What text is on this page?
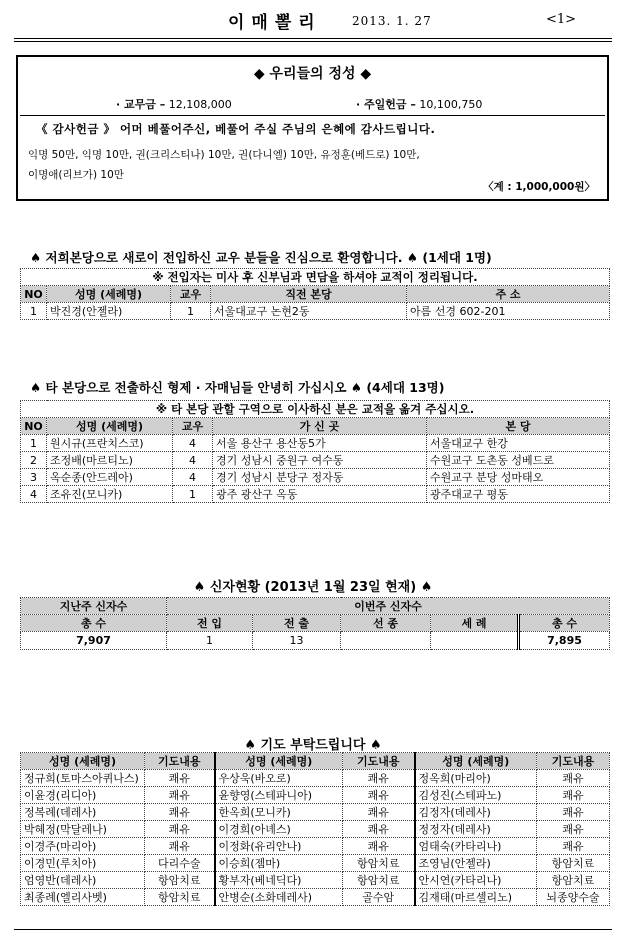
이매뽈리	2013. 1. 27	<1>
◆ 우리들의 정성 ◆
· 교무금 – 12,108,000	· 주일헌금 – 10,100,750
《 감사헌금 》 어머 베풀어주신, 베풀어 주실 주님의 은혜에 감사드립니다.
익명 50만, 익명 10만, 권(크리스티나) 10만, 권(다니엘) 10만, 유정훈(베드로) 10만,
이명애(리브가) 10만
〈계 : 1,000,000원〉
♠ 저희본당으로 새로이 전입하신 교우 분들을 진심으로 환영합니다. ♠ (1세대 1명)
※ 전입자는 미사 후 신부님과 면담을 하셔야 교적이 정리됩니다.				
NO	성명 (세례명)	교우	직전 본당	주 소
1	박진경(안젤라)	1	서울대교구 논현2동	아름 선경 602-201
♠ 타 본당으로 전출하신 형제 · 자매님들 안녕히 가십시오 ♠ (4세대 13명)
※ 타 본당 관할 구역으로 이사하신 분은 교적을 옮겨 주십시오.				
NO	성명 (세례명)	교우	가 신 곳	본 당
1	원시규(프란치스코)	4	서울 용산구 용산동5가	서울대교구 한강
2	조정배(마르티노)	4	경기 성남시 중원구 여수동	수원교구 도촌동 성베드로
3	옥순종(안드레아)	4	경기 성남시 분당구 정자동	수원교구 분당 성마태오
4	조유진(모니카)	1	광주 광산구 옥동	광주대교구 평동
♠ 신자현황 (2013년 1월 23일 현재) ♠
지난주 신자수	이번주 신자수				
총 수	전 입	전 출	선 종	세 례	총 수
7,907	1	13			7,895
♠ 기도 부탁드립니다 ♠
성명 (세례명)	기도내용	성명 (세례명)	기도내용	성명 (세례명)	기도내용
정규희(토마스아퀴나스)	쾌유	우상욱(바오로)	쾌유	정옥희(마리아)	쾌유
이윤경(리디아)	쾌유	윤향영(스테파니아)	쾌유	김성진(스테파노)	쾌유
정복례(데레사)	쾌유	한옥희(모니카)	쾌유	김정자(데레사)	쾌유
박혜정(막달레나)	쾌유	이경희(아녜스)	쾌유	정정자(데레사)	쾌유
이경주(마리아)	쾌유	이정화(유리안나)	쾌유	엄태숙(카타리나)	쾌유
이경민(루치아)	다리수술	이승희(젬마)	항암치료	조영님(안젤라)	항암치료
엄영반(데레사)	항암치료	황부자(베네딕다)	항암치료	안시연(카타리나)	항암치료
최종례(엘리사벳)	항암치료	안병순(소화데레사)	골수암	김재태(마르셀리노)	뇌종양수술
